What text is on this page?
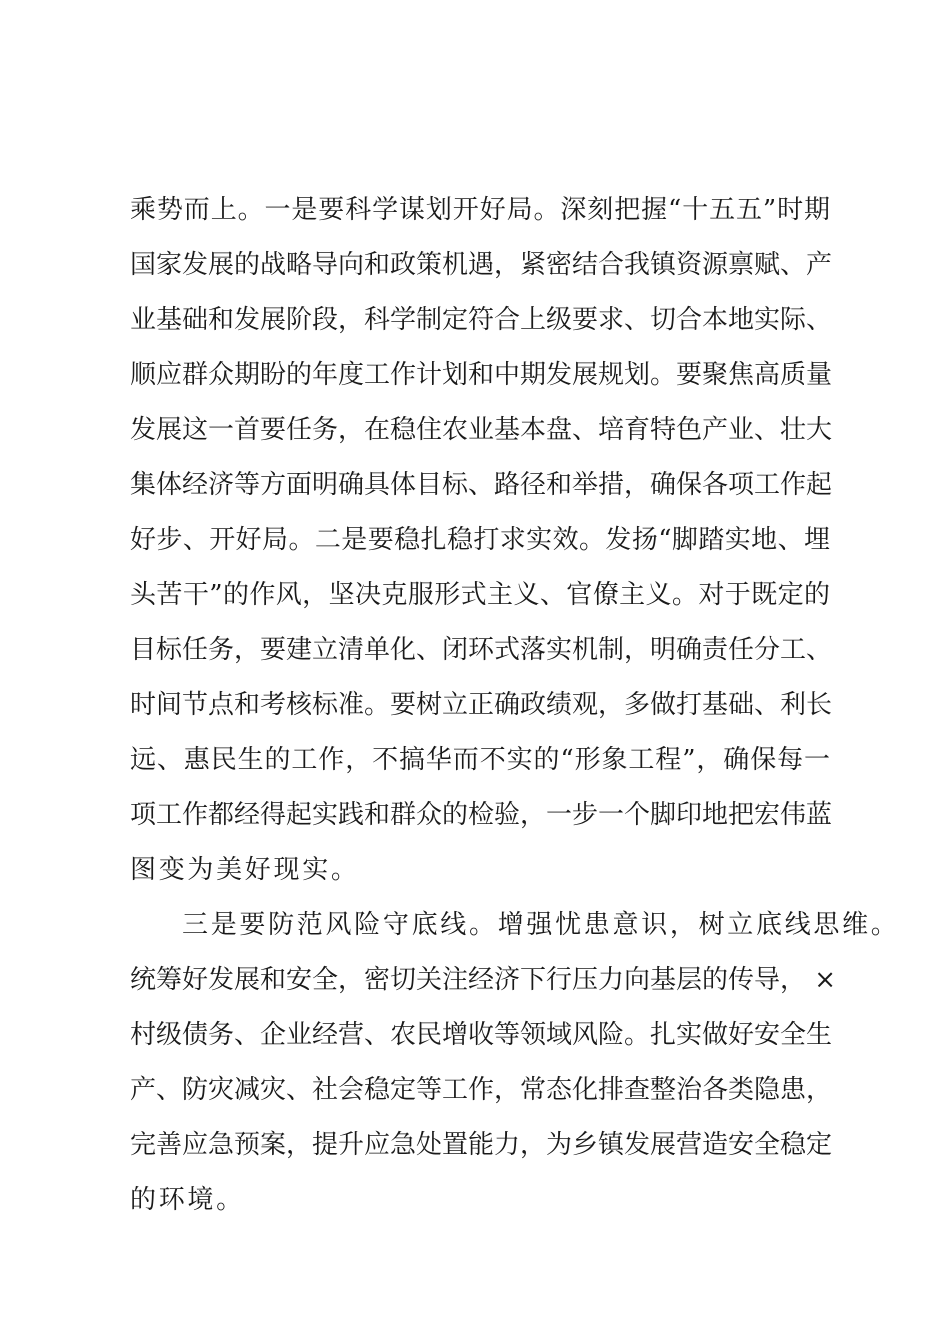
乘势而上。一是要科学谋划开好局。深刻把握“十五五”时期
国家发展的战略导向和政策机遇，紧密结合我镇资源禀赋、产
业基础和发展阶段，科学制定符合上级要求、切合本地实际、
顺应群众期盼的年度工作计划和中期发展规划。要聚焦高质量
发展这一首要任务，在稳住农业基本盘、培育特色产业、壮大
集体经济等方面明确具体目标、路径和举措，确保各项工作起
好步、开好局。二是要稳扎稳打求实效。发扬“脚踏实地、埋
头苦干”的作风，坚决克服形式主义、官僚主义。对于既定的
目标任务，要建立清单化、闭环式落实机制，明确责任分工、
时间节点和考核标准。要树立正确政绩观，多做打基础、利长
远、惠民生的工作，不搞华而不实的“形象工程”，确保每一
项工作都经得起实践和群众的检验，一步一个脚印地把宏伟蓝
图变为美好现实。
三是要防范风险守底线。增强忧患意识，树立底线思维。
统筹好发展和安全，密切关注经济下行压力向基层的传导， ×
村级债务、企业经营、农民增收等领域风险。扎实做好安全生
产、防灾减灾、社会稳定等工作，常态化排查整治各类隐患，
完善应急预案，提升应急处置能力，为乡镇发展营造安全稳定
的环境。
